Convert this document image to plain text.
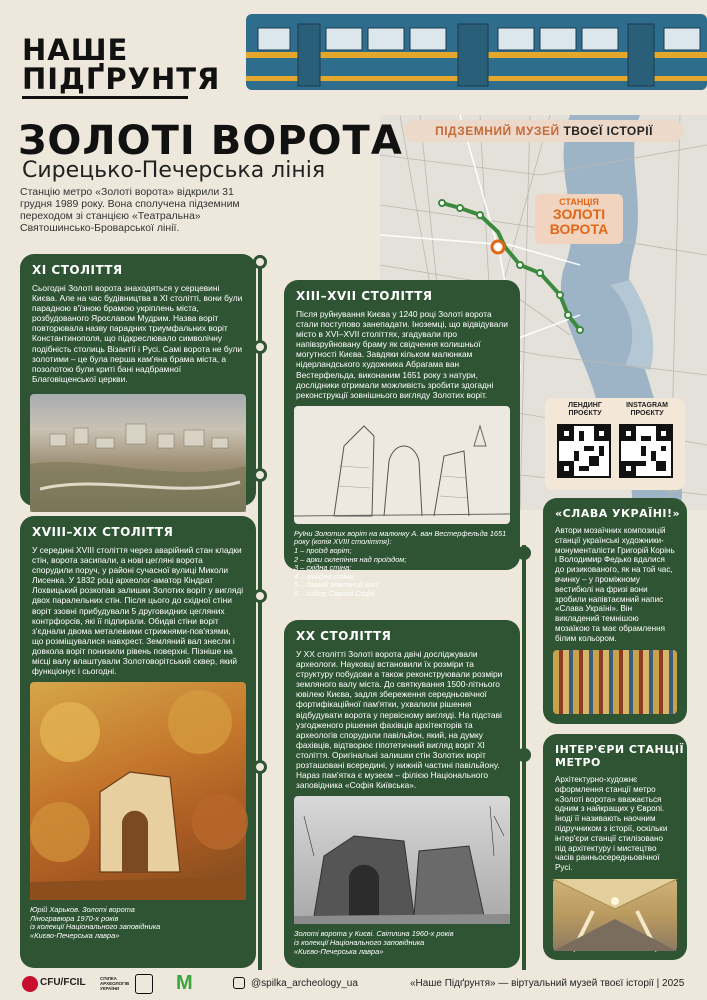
НАШЕ
ПІДҐРУНТЯ
ЗОЛОТІ ВОРОТА
Сирецько-Печерська лінія
ПІДЗЕМНИЙ МУЗЕЙ ТВОЄЇ ІСТОРІЇ
Станцію метро «Золоті ворота» відкрили 31 грудня 1989 року. Вона сполучена підземним переходом зі станцією «Театральна» Святошинсько-Броварської лінії.
СТАНЦІЯ
ЗОЛОТІ
ВОРОТА
XI СТОЛІТТЯ

Сьогодні Золоті ворота знаходяться у серцевині Києва. Але на час будівництва в XI столітті, вони були парадною в'їзною брамою укріплень міста, розбудованого Ярославом Мудрим. Назва воріт повторювала назву парадних триумфальних воріт Константинополя, що підкреслювало символічну подібність столиць Візантії і Русі. Самі ворота не були золотими – це була перша кам'яна брама міста, а позолотою були криті бані надбрамної Благовіщенської церкви.

XIII–XVII СТОЛІТТЯ

Після руйнування Києва у 1240 році Золоті ворота стали поступово занепадати. Іноземці, що відвідували місто в XVI–XVII століттях, згадували про напівзруйновану браму як свідчення колишньої могутності Києва. Завдяки кільком малюнкам нідерландського художника Абрагама ван Вестерфельда, виконаним 1651 року з натури, дослідники отримали можливість зробити здогадні реконструкції зовнішнього вигляду Золотих воріт.

Руїни Золотих воріт на малюнку А. ван Вестерфельда 1651 року (копія XVIII століття):
1 – проїзд воріт;
2 – арки склепіння над проїздом;
3 – східна стіна;
4 – західна стіна;
5 – давній земляний вал;
6 – собор Святої Софії
XVIII–XIX СТОЛІТТЯ

У середині XVIII століття через аварійний стан кладки стін, ворота засипали, а нові цегляні ворота спорудили поруч, у районі сучасної вулиці Миколи Лисенка. У 1832 році археолог-аматор Кіндрат Лохвицький розкопав залишки Золотих воріт у вигляді двох паралельних стін. Після цього до східної стіни воріт ззовні прибудували 5 друговидних цегляних контрфорсів, які її підпирали. Обидві стіни воріт з'єднали двома металевими стрижнями-пов'язями, що розміщувалися навхрест. Земляний вал знесли і довкола воріт понизили рівень поверхні. Пізніше на місці валу влаштували Золотоворітський сквер, який функціонує і сьогодні.

Юрій Харьков. Золоті ворота
Ліногравюра 1970-х років
із колекції Національного заповідника
«Києво-Печерська лавра»
ХХ СТОЛІТТЯ

У ХХ столітті Золоті ворота двічі досліджували археологи. Науковці встановили їх розміри та структуру побудови а також реконструювали розміри земляного валу міста. До святкування 1500-літнього ювілею Києва, задля збереження середньовічної фортифікаційної пам'ятки, ухвалили рішення відбудувати ворота у первісному вигляді. На підставі узгодженого рішення фахівців архітекторів та археологів спорудили павільйон, який, на думку фахівців, відтворює гіпотетичний вигляд воріт XI століття. Оригінальні залишки стін Золотих воріт розташовані всередині, у нижній частині павільйону. Нараз пам'ятка є музеєм – філією Національного заповідника «Софія Київська».

Золоті ворота у Києві. Світлина 1960-х років
із колекції Національного заповідника
«Києво-Печерська лавра»
ЛЕНДИНГ
ПРОЄКТУ
INSTAGRAM
ПРОЄКТУ
«СЛАВА УКРАЇНІ!»

Автори мозаїчних композицій станції українські художники-монументалісти Григорій Корінь і Володимир Федько вдалися до ризикованого, як на той час, вчинку – у проміжному вестибюлі на фризі вони зробили напівтаємний напис «Слава Україні». Він викладений темнішою мозаїкою та має обрамлення білим кольором.

ІНТЕР'ЄРИ СТАНЦІЇ МЕТРО

Архітектурно-художнє оформлення станції метро «Золоті ворота» вважається одним з найкращих у Європі. Іноді її називають наочним підручником з історії, оскільки інтер'єри станції стилізовано під архітектуру і мистецтво часів ранньосередньовічної Русі.

CFU/FCIL	СПІЛКА АРХЕОЛОГІВ УКРАЇНИ	М	@spilka_archeology_ua	«Наше Підґрунтя» — віртуальний музей твоєї історії | 2025
